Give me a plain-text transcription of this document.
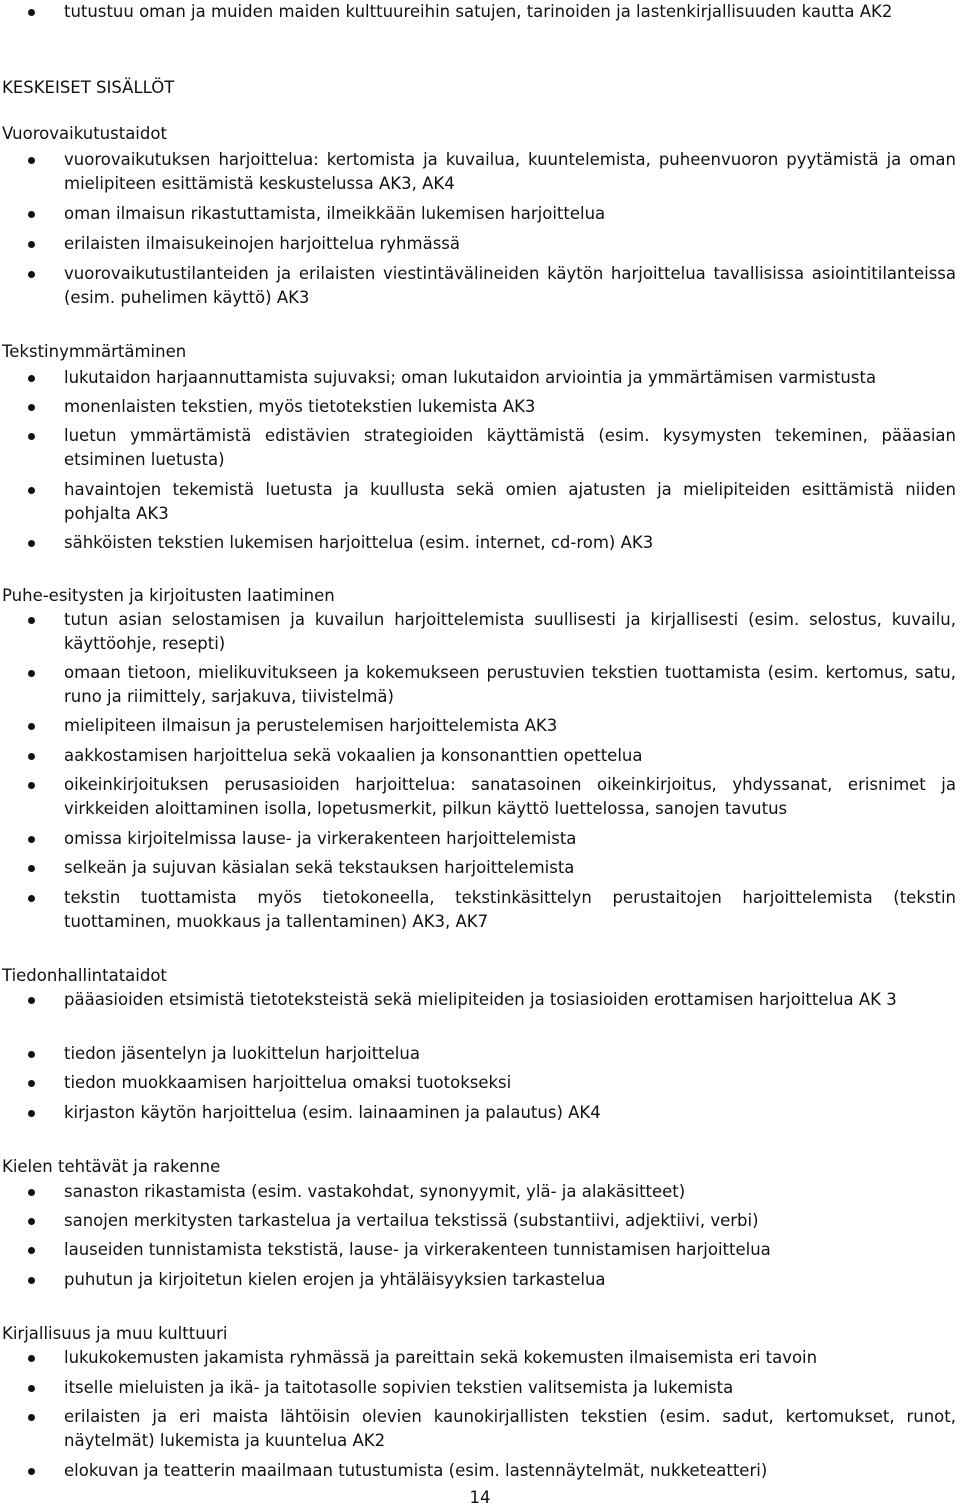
tutustuu oman ja muiden maiden kulttuureihin satujen, tarinoiden ja lastenkirjallisuuden kautta AK2

KESKEISET SISÄLLÖT
Vuorovaikutustaidot

vuorovaikutuksen harjoittelua: kertomista ja kuvailua, kuuntelemista, puheenvuoron pyytämistä ja oman mielipiteen esittämistä keskustelussa AK3, AK4

oman ilmaisun rikastuttamista, ilmeikkään lukemisen harjoittelua

erilaisten ilmaisukeinojen harjoittelua ryhmässä

vuorovaikutustilanteiden ja erilaisten viestintävälineiden käytön harjoittelua tavallisissa asiointitilanteissa (esim. puhelimen käyttö) AK3

Tekstinymmärtäminen

lukutaidon harjaannuttamista sujuvaksi; oman lukutaidon arviointia ja ymmärtämisen varmistusta

monenlaisten tekstien, myös tietotekstien lukemista AK3

luetun ymmärtämistä edistävien strategioiden käyttämistä (esim. kysymysten tekeminen, pääasian etsiminen luetusta)

havaintojen tekemistä luetusta ja kuullusta sekä omien ajatusten ja mielipiteiden esittämistä niiden pohjalta AK3

sähköisten tekstien lukemisen harjoittelua (esim. internet, cd-rom) AK3

Puhe-esitysten ja kirjoitusten laatiminen

tutun asian selostamisen ja kuvailun harjoittelemista suullisesti ja kirjallisesti (esim. selostus, kuvailu, käyttöohje, resepti)

omaan tietoon, mielikuvitukseen ja kokemukseen perustuvien tekstien tuottamista (esim. kertomus, satu, runo ja riimittely, sarjakuva, tiivistelmä)

mielipiteen ilmaisun ja perustelemisen harjoittelemista AK3

aakkostamisen harjoittelua sekä vokaalien ja konsonanttien opettelua

oikeinkirjoituksen perusasioiden harjoittelua: sanatasoinen oikeinkirjoitus, yhdyssanat, erisnimet ja virkkeiden aloittaminen isolla, lopetusmerkit, pilkun käyttö luettelossa, sanojen tavutus

omissa kirjoitelmissa lause- ja virkerakenteen harjoittelemista

selkeän ja sujuvan käsialan sekä tekstauksen harjoittelemista

tekstin tuottamista myös tietokoneella, tekstinkäsittelyn perustaitojen harjoittelemista (tekstin tuottaminen, muokkaus ja tallentaminen) AK3, AK7

Tiedonhallintataidot

pääasioiden etsimistä tietoteksteistä sekä mielipiteiden ja tosiasioiden erottamisen harjoittelua AK 3

tiedon jäsentelyn ja luokittelun harjoittelua

tiedon muokkaamisen harjoittelua omaksi tuotokseksi

kirjaston käytön harjoittelua (esim. lainaaminen ja palautus) AK4

Kielen tehtävät ja rakenne

sanaston rikastamista (esim. vastakohdat, synonyymit, ylä- ja alakäsitteet)

sanojen merkitysten tarkastelua ja vertailua tekstissä (substantiivi, adjektiivi, verbi)

lauseiden tunnistamista tekstistä, lause- ja virkerakenteen tunnistamisen harjoittelua

puhutun ja kirjoitetun kielen erojen ja yhtäläisyyksien tarkastelua

Kirjallisuus ja muu kulttuuri

lukukokemusten jakamista ryhmässä ja pareittain sekä kokemusten ilmaisemista eri tavoin

itselle mieluisten ja ikä- ja taitotasolle sopivien tekstien valitsemista ja lukemista

erilaisten ja eri maista lähtöisin olevien kaunokirjallisten tekstien (esim. sadut, kertomukset, runot, näytelmät) lukemista ja kuuntelua AK2

elokuvan ja teatterin maailmaan tutustumista (esim. lastennäytelmät, nukketeatteri)

14
